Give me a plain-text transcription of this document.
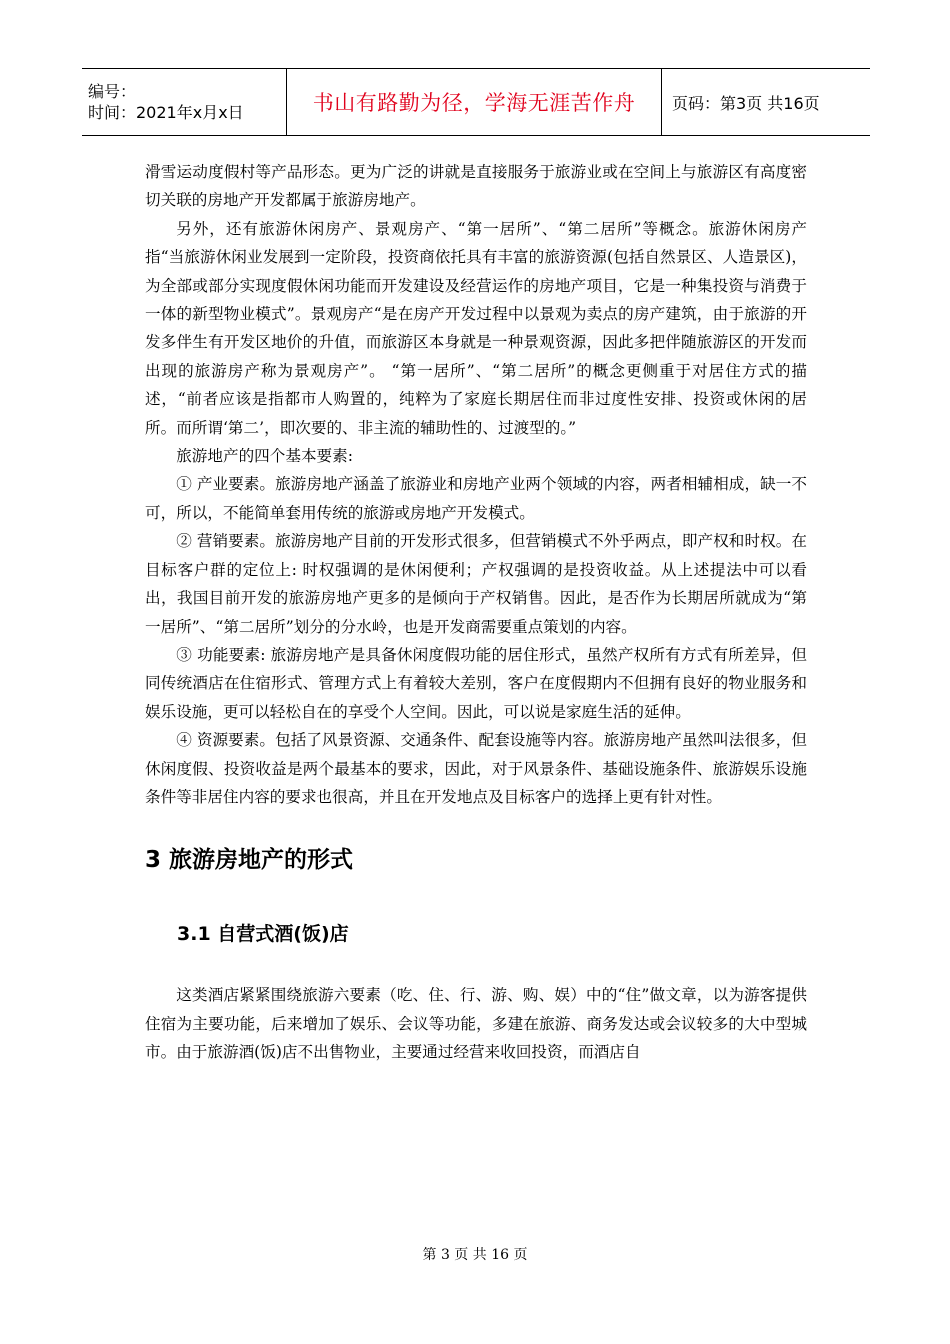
编号：
时间：2021年x月x日	书山有路勤为径，学海无涯苦作舟	页码：第3页 共16页

滑雪运动度假村等产品形态。更为广泛的讲就是直接服务于旅游业或在空间上与旅游区有高度密切关联的房地产开发都属于旅游房地产。

另外，还有旅游休闲房产、景观房产、“第一居所”、“第二居所”等概念。旅游休闲房产指“当旅游休闲业发展到一定阶段，投资商依托具有丰富的旅游资源(包括自然景区、人造景区)，为全部或部分实现度假休闲功能而开发建设及经营运作的房地产项目，它是一种集投资与消费于一体的新型物业模式”。景观房产“是在房产开发过程中以景观为卖点的房产建筑，由于旅游的开发多伴生有开发区地价的升值，而旅游区本身就是一种景观资源，因此多把伴随旅游区的开发而出现的旅游房产称为景观房产”。 “第一居所”、“第二居所”的概念更侧重于对居住方式的描述，“前者应该是指都市人购置的，纯粹为了家庭长期居住而非过度性安排、投资或休闲的居所。而所谓‘第二’，即次要的、非主流的辅助性的、过渡型的。”

旅游地产的四个基本要素:

① 产业要素。旅游房地产涵盖了旅游业和房地产业两个领域的内容，两者相辅相成，缺一不可，所以，不能简单套用传统的旅游或房地产开发模式。

② 营销要素。旅游房地产目前的开发形式很多，但营销模式不外乎两点，即产权和时权。在目标客户群的定位上: 时权强调的是休闲便利；产权强调的是投资收益。从上述提法中可以看出，我国目前开发的旅游房地产更多的是倾向于产权销售。因此，是否作为长期居所就成为“第一居所”、“第二居所”划分的分水岭，也是开发商需要重点策划的内容。

③ 功能要素: 旅游房地产是具备休闲度假功能的居住形式，虽然产权所有方式有所差异，但同传统酒店在住宿形式、管理方式上有着较大差别，客户在度假期内不但拥有良好的物业服务和娱乐设施，更可以轻松自在的享受个人空间。因此，可以说是家庭生活的延伸。

④ 资源要素。包括了风景资源、交通条件、配套设施等内容。旅游房地产虽然叫法很多，但休闲度假、投资收益是两个最基本的要求，因此，对于风景条件、基础设施条件、旅游娱乐设施条件等非居住内容的要求也很高，并且在开发地点及目标客户的选择上更有针对性。

3 旅游房地产的形式
3.1 自营式酒(饭)店

这类酒店紧紧围绕旅游六要素（吃、住、行、游、购、娱）中的“住”做文章，以为游客提供住宿为主要功能，后来增加了娱乐、会议等功能，多建在旅游、商务发达或会议较多的大中型城市。由于旅游酒(饭)店不出售物业，主要通过经营来收回投资，而酒店自

第 3 页 共 16 页
